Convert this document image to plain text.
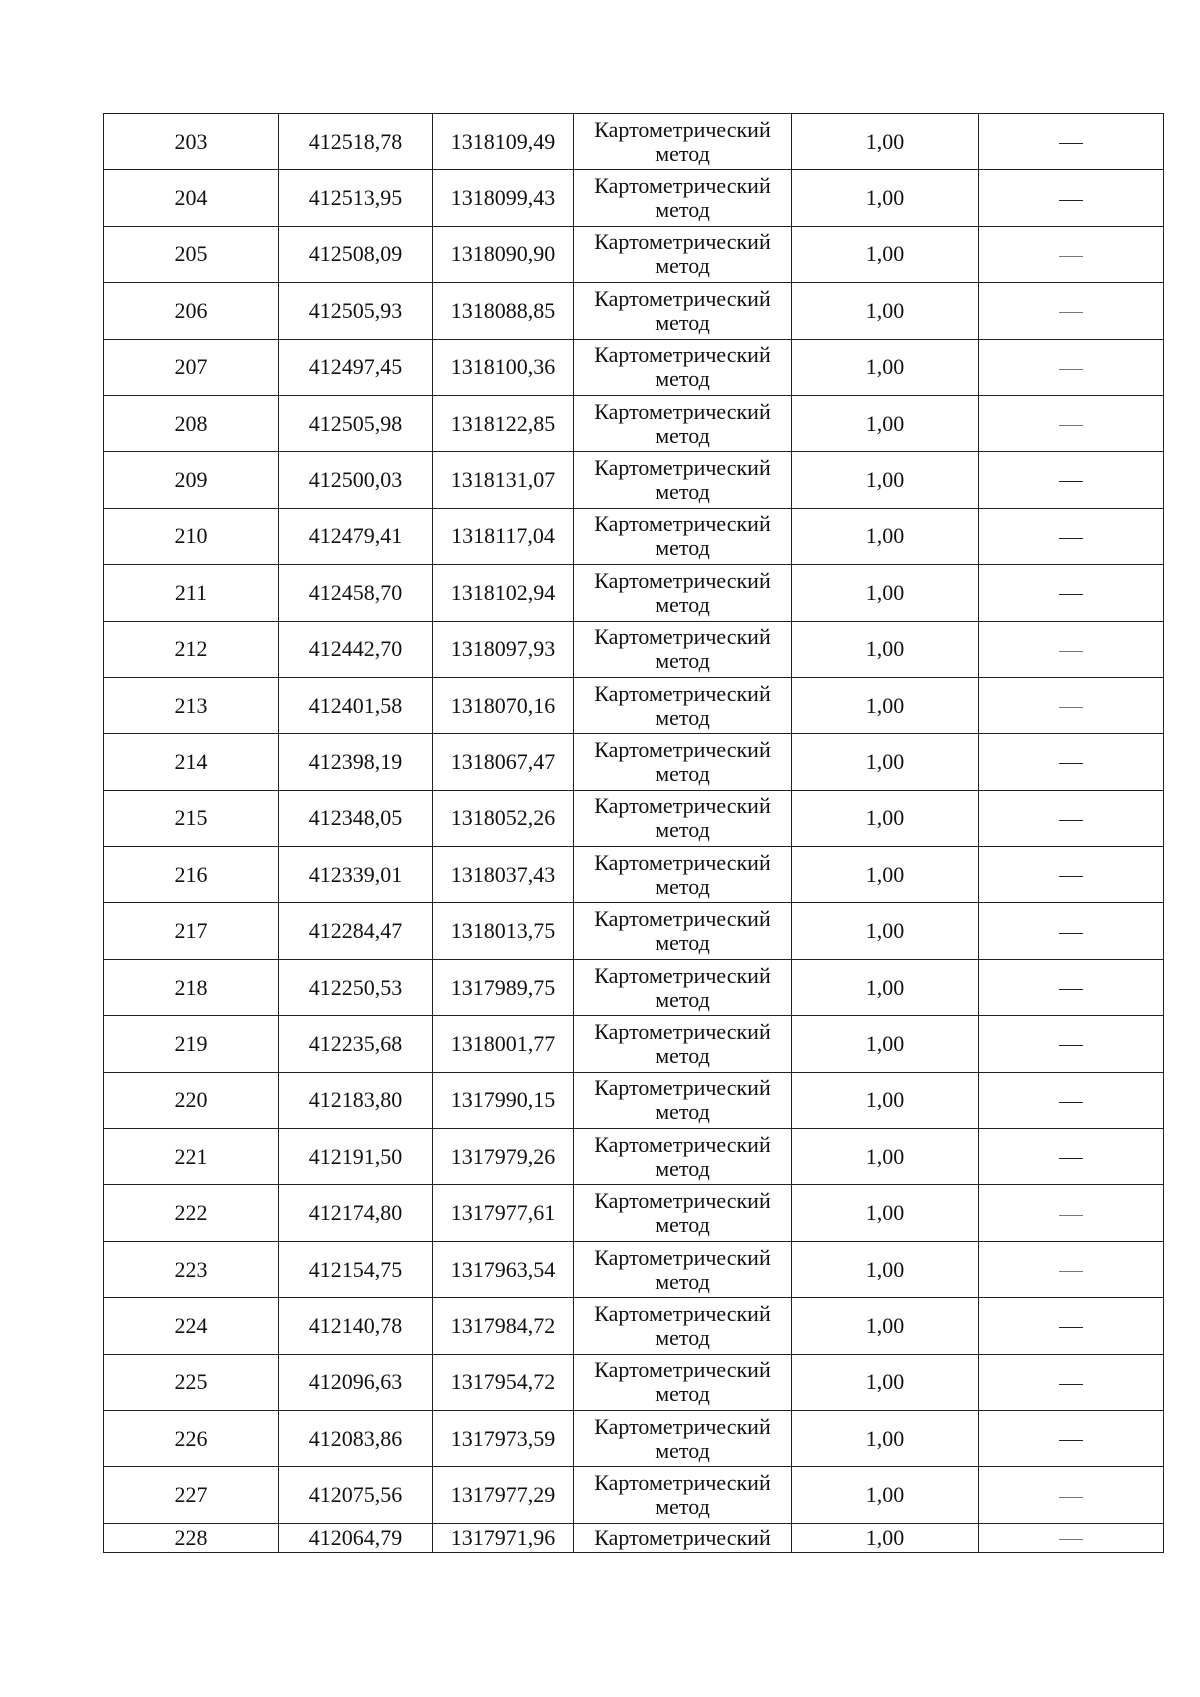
203	412518,78	1318109,49	Картометрический метод	1,00	
204	412513,95	1318099,43	Картометрический метод	1,00	
205	412508,09	1318090,90	Картометрический метод	1,00	
206	412505,93	1318088,85	Картометрический метод	1,00	
207	412497,45	1318100,36	Картометрический метод	1,00	
208	412505,98	1318122,85	Картометрический метод	1,00	
209	412500,03	1318131,07	Картометрический метод	1,00	
210	412479,41	1318117,04	Картометрический метод	1,00	
211	412458,70	1318102,94	Картометрический метод	1,00	
212	412442,70	1318097,93	Картометрический метод	1,00	
213	412401,58	1318070,16	Картометрический метод	1,00	
214	412398,19	1318067,47	Картометрический метод	1,00	
215	412348,05	1318052,26	Картометрический метод	1,00	
216	412339,01	1318037,43	Картометрический метод	1,00	
217	412284,47	1318013,75	Картометрический метод	1,00	
218	412250,53	1317989,75	Картометрический метод	1,00	
219	412235,68	1318001,77	Картометрический метод	1,00	
220	412183,80	1317990,15	Картометрический метод	1,00	
221	412191,50	1317979,26	Картометрический метод	1,00	
222	412174,80	1317977,61	Картометрический метод	1,00	
223	412154,75	1317963,54	Картометрический метод	1,00	
224	412140,78	1317984,72	Картометрический метод	1,00	
225	412096,63	1317954,72	Картометрический метод	1,00	
226	412083,86	1317973,59	Картометрический метод	1,00	
227	412075,56	1317977,29	Картометрический метод	1,00	
228	412064,79	1317971,96	Картометрический	1,00	
